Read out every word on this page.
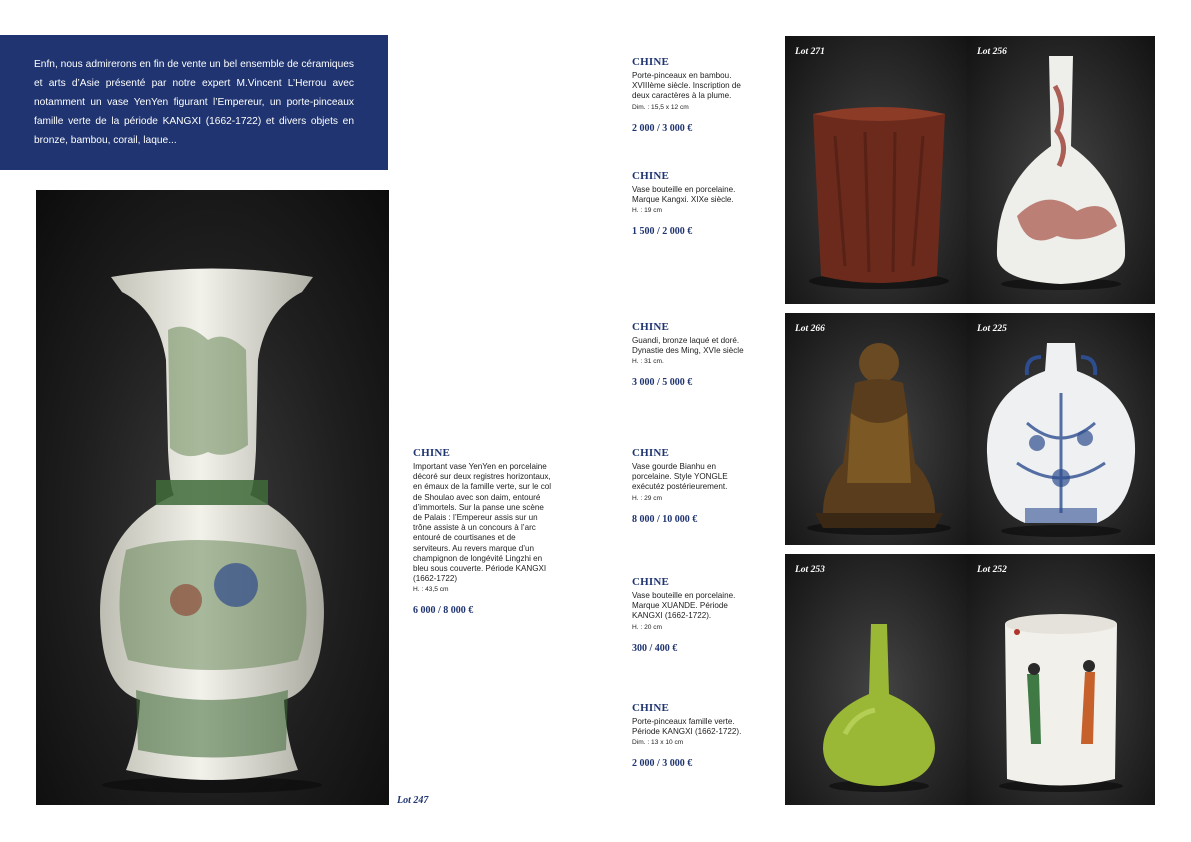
Enfn, nous admirerons en fin de vente un bel ensemble de céramiques et arts d’Asie présenté par notre expert M.Vincent L’Herrou avec notamment un vase YenYen figurant l’Empereur, un porte-pinceaux famille verte de la période KANGXI (1662-1722) et divers objets en bronze, bambou, corail, laque...

Lot 247
CHINE
Important vase YenYen en porcelaine décoré sur deux registres horizontaux, en émaux de la famille verte, sur le col de Shoulao avec son daim, entouré d’immortels. Sur la panse une scène de Palais : l’Empereur assis sur un trône assiste à un concours à l’arc entouré de courtisanes et de serviteurs. Au revers marque d’un champignon de longévité Lingzhi en bleu sous couverte. Période KANGXI (1662-1722)
H. : 43,5 cm
6 000 / 8 000 €
CHINE
Porte-pinceaux en bambou. XVIIIème siècle. Inscription de deux caractères à la plume.
Dim. : 15,5 x 12 cm
2 000 / 3 000 €
CHINE
Vase bouteille en porcelaine. Marque Kangxi. XIXe siècle.
H. : 19 cm
1 500 / 2 000 €
CHINE
Guandi, bronze laqué et doré. Dynastie des Ming, XVIe siècle
H. : 31 cm.
3 000 / 5 000 €
CHINE
Vase gourde Bianhu en porcelaine. Style YONGLE exécutéz postérieurement.
H. : 29 cm
8 000 / 10 000 €
CHINE
Vase bouteille en porcelaine. Marque XUANDE. Période KANGXI (1662-1722).
H. : 20 cm
300 / 400 €
CHINE
Porte-pinceaux famille verte. Période KANGXI (1662-1722).
Dim. : 13 x 10 cm
2 000 / 3 000 €
Lot 271	Lot 256
Lot 266	Lot 225
Lot 253	Lot 252
